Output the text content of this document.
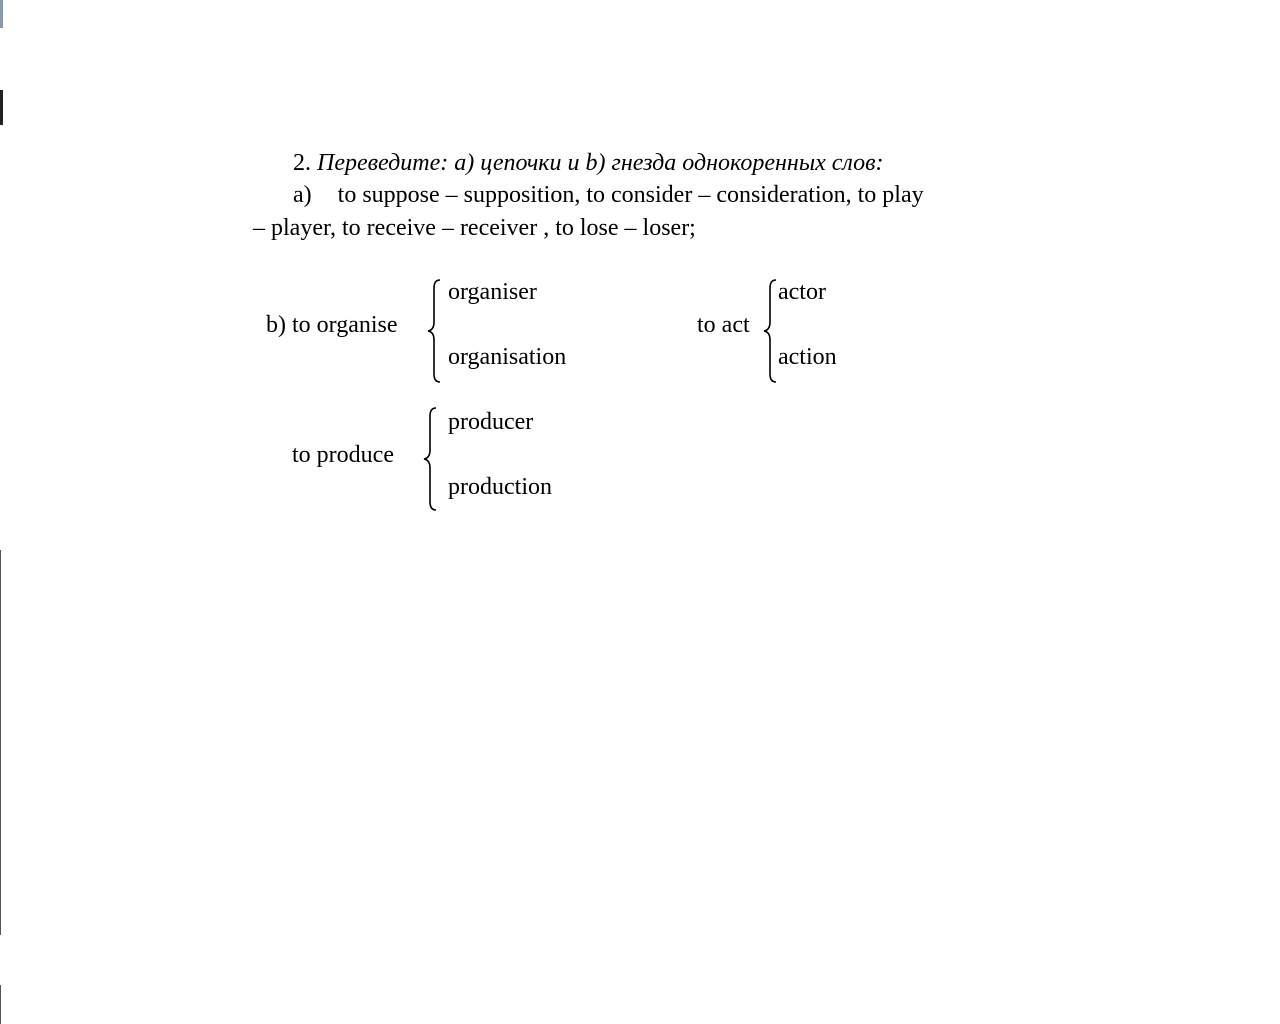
2. Переведите: а) цепочки и b) гнезда однокоренных слов:
a) to suppose – supposition, to consider – consideration, to play
– player, to receive – receiver , to lose – loser;
b) to organise
organiser
organisation
to act
actor
action
to produce
producer
production
